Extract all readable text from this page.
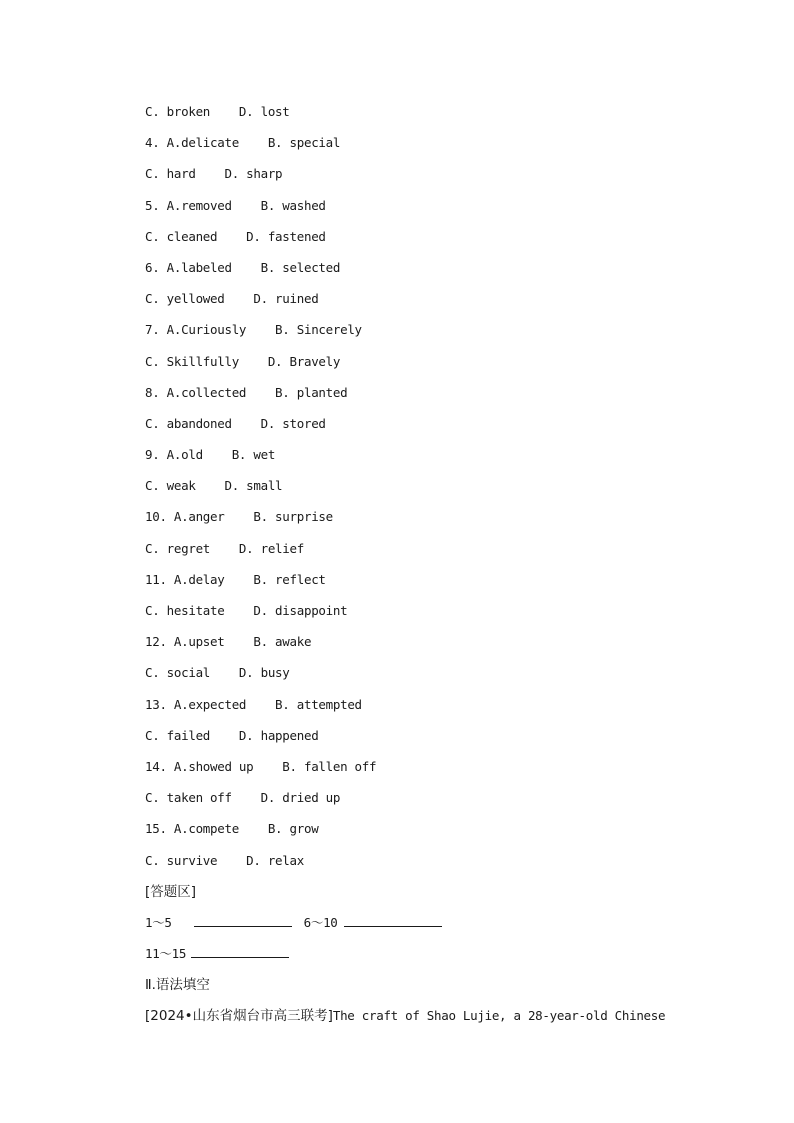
C. broken    D. lost
4. A.delicate    B. special
C. hard    D. sharp
5. A.removed    B. washed
C. cleaned    D. fastened
6. A.labeled    B. selected
C. yellowed    D. ruined
7. A.Curiously    B. Sincerely
C. Skillfully    D. Bravely
8. A.collected    B. planted
C. abandoned    D. stored
9. A.old    B. wet
C. weak    D. small
10. A.anger    B. surprise
C. regret    D. relief
11. A.delay    B. reflect
C. hesitate    D. disappoint
12. A.upset    B. awake
C. social    D. busy
13. A.expected    B. attempted
C. failed    D. happened
14. A.showed up    B. fallen off
C. taken off    D. dried up
15. A.compete    B. grow
C. survive    D. relax
[答题区]
1～5	6～10
11～15
Ⅱ.语法填空
[2024•山东省烟台市高三联考]The craft of Shao Lujie, a 28-year-old Chinese
